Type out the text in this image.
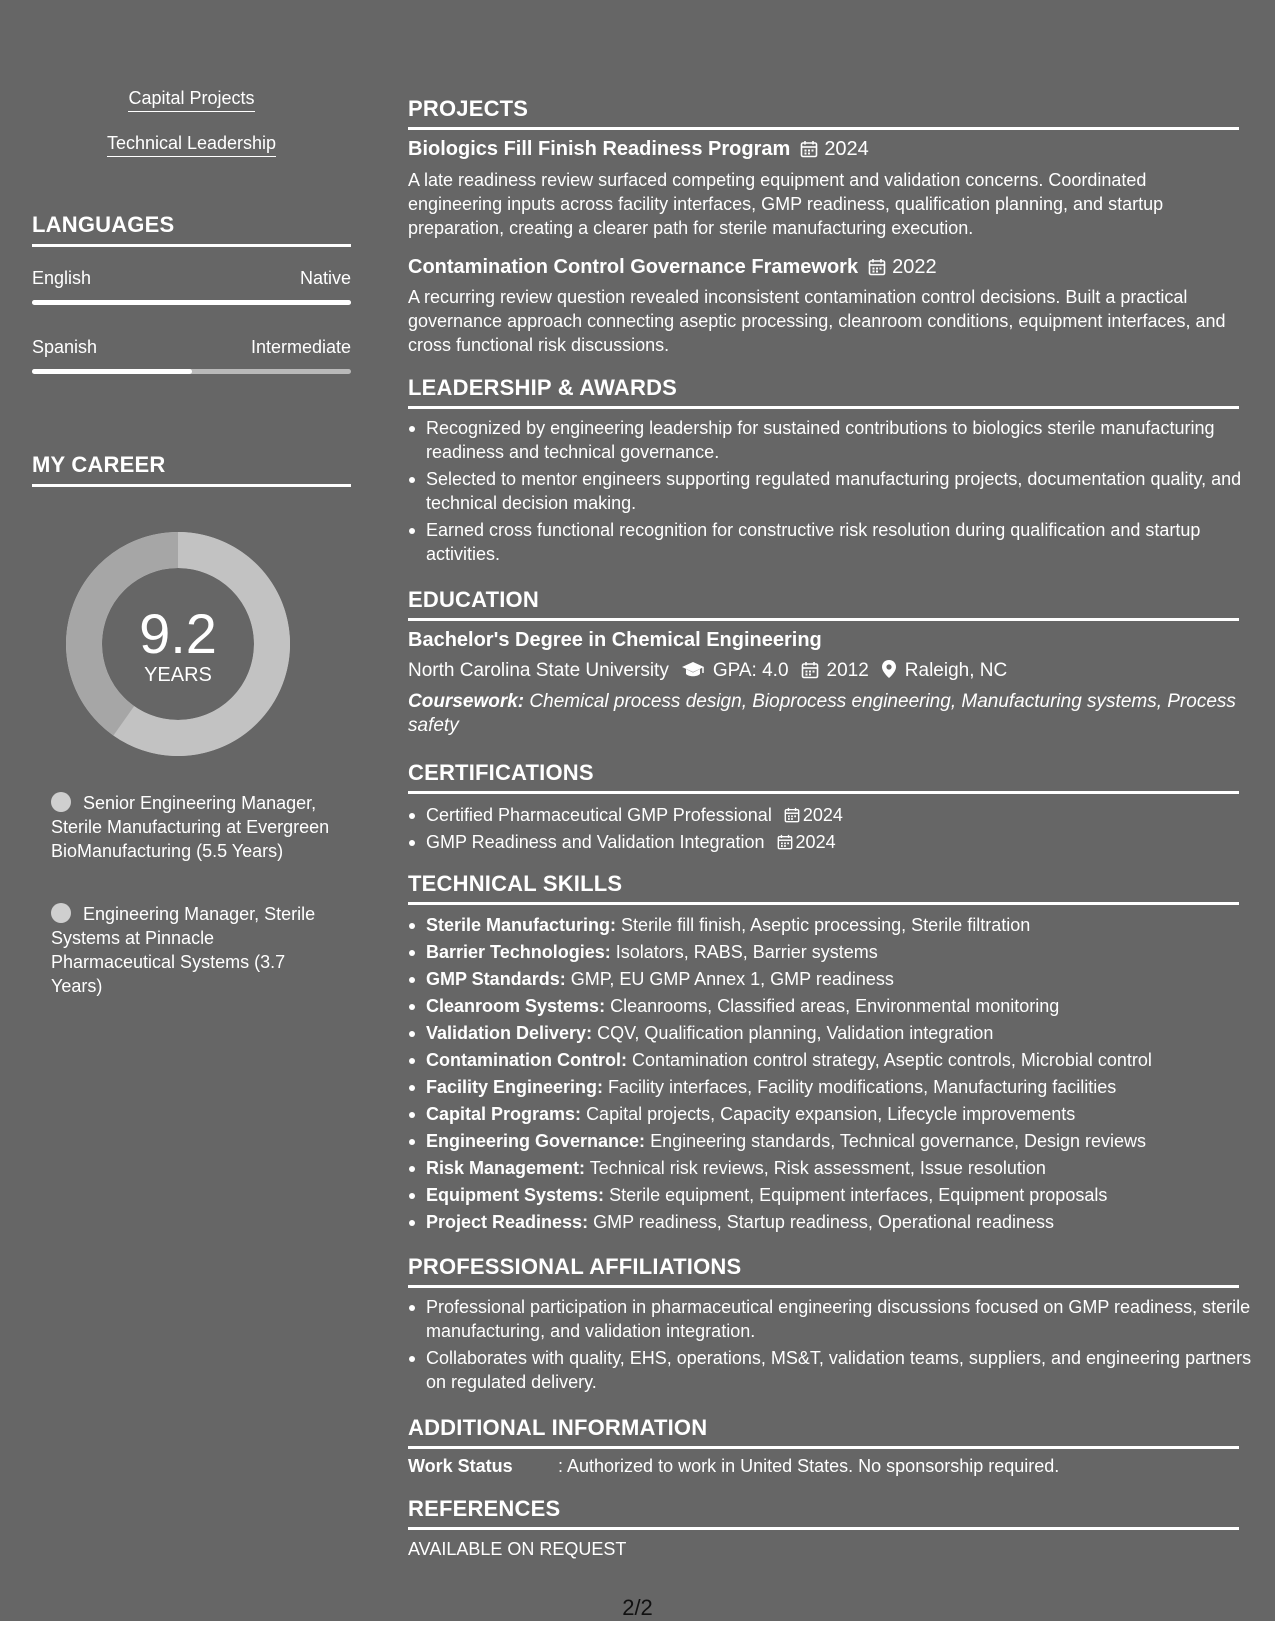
Capital Projects
Technical Leadership
LANGUAGES
English	Native
Spanish	Intermediate
MY CAREER
9.2
YEARS
Senior Engineering Manager, Sterile Manufacturing at Evergreen BioManufacturing (5.5 Years)
Engineering Manager, Sterile Systems at Pinnacle Pharmaceutical Systems (3.7 Years)
PROJECTS
Biologics Fill Finish Readiness Program 2024
A late readiness review surfaced competing equipment and validation concerns. Coordinated engineering inputs across facility interfaces, GMP readiness, qualification planning, and startup preparation, creating a clearer path for sterile manufacturing execution.
Contamination Control Governance Framework 2022
A recurring review question revealed inconsistent contamination control decisions. Built a practical governance approach connecting aseptic processing, cleanroom conditions, equipment interfaces, and cross functional risk discussions.
LEADERSHIP & AWARDS
Recognized by engineering leadership for sustained contributions to biologics sterile manufacturing readiness and technical governance.
Selected to mentor engineers supporting regulated manufacturing projects, documentation quality, and technical decision making.
Earned cross functional recognition for constructive risk resolution during qualification and startup activities.
EDUCATION
Bachelor's Degree in Chemical Engineering
North Carolina State University GPA: 4.0 2012 Raleigh, NC
Coursework: Chemical process design, Bioprocess engineering, Manufacturing systems, Process safety
CERTIFICATIONS
Certified Pharmaceutical GMP Professional 2024
GMP Readiness and Validation Integration 2024
TECHNICAL SKILLS
Sterile Manufacturing: Sterile fill finish, Aseptic processing, Sterile filtration
Barrier Technologies: Isolators, RABS, Barrier systems
GMP Standards: GMP, EU GMP Annex 1, GMP readiness
Cleanroom Systems: Cleanrooms, Classified areas, Environmental monitoring
Validation Delivery: CQV, Qualification planning, Validation integration
Contamination Control: Contamination control strategy, Aseptic controls, Microbial control
Facility Engineering: Facility interfaces, Facility modifications, Manufacturing facilities
Capital Programs: Capital projects, Capacity expansion, Lifecycle improvements
Engineering Governance: Engineering standards, Technical governance, Design reviews
Risk Management: Technical risk reviews, Risk assessment, Issue resolution
Equipment Systems: Sterile equipment, Equipment interfaces, Equipment proposals
Project Readiness: GMP readiness, Startup readiness, Operational readiness
PROFESSIONAL AFFILIATIONS
Professional participation in pharmaceutical engineering discussions focused on GMP readiness, sterile manufacturing, and validation integration.
Collaborates with quality, EHS, operations, MS&T, validation teams, suppliers, and engineering partners on regulated delivery.
ADDITIONAL INFORMATION
Work Status	: Authorized to work in United States. No sponsorship required.
REFERENCES
AVAILABLE ON REQUEST
2/2
